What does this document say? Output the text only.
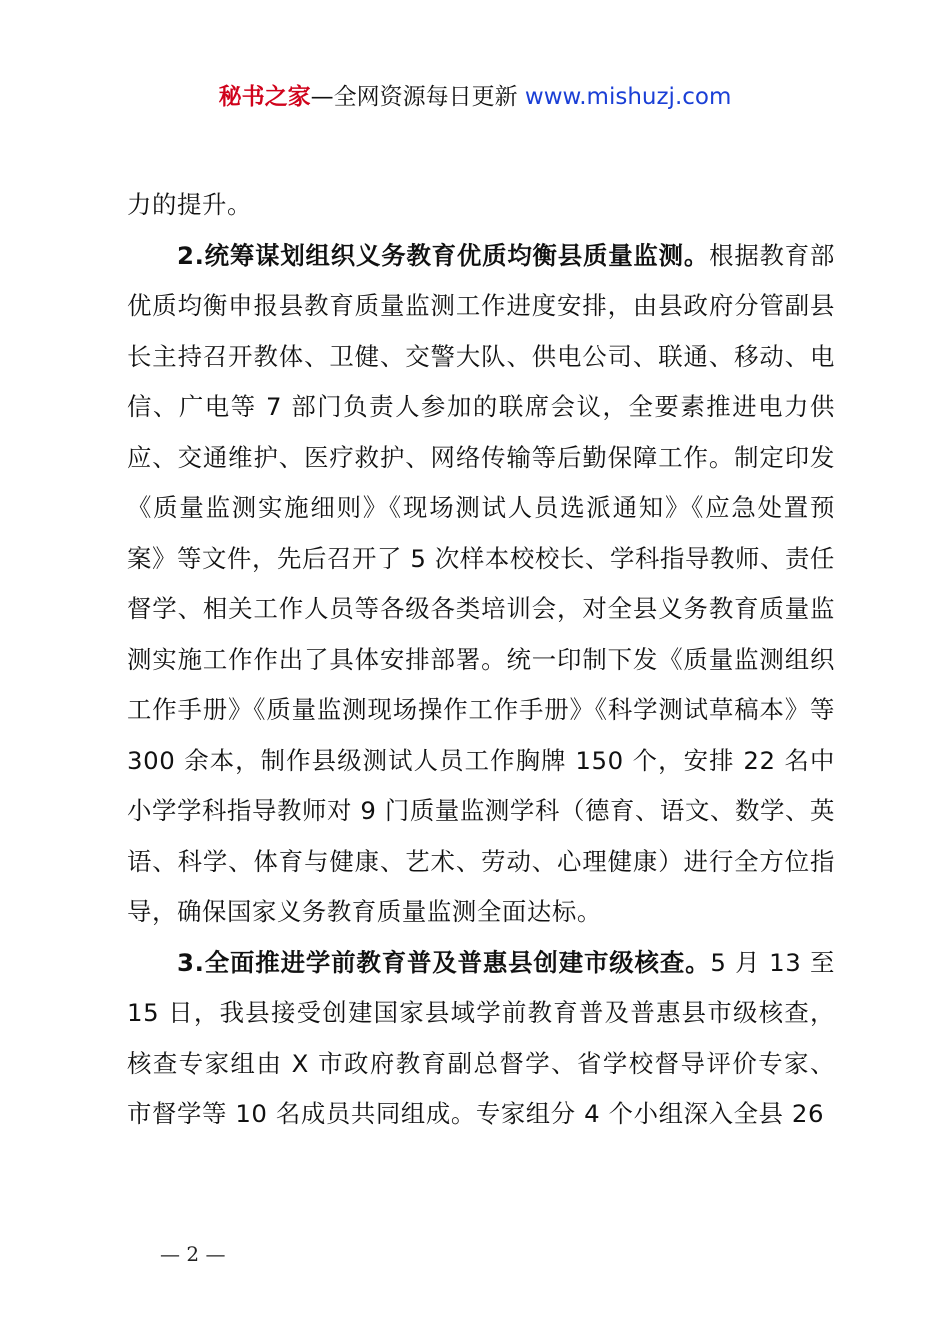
秘书之家—全网资源每日更新 www.mishuzj.com

力的提升。

2.统筹谋划组织义务教育优质均衡县质量监测。根据教育部优质均衡申报县教育质量监测工作进度安排，由县政府分管副县长主持召开教体、卫健、交警大队、供电公司、联通、移动、电信、广电等 7 部门负责人参加的联席会议，全要素推进电力供应、交通维护、医疗救护、网络传输等后勤保障工作。制定印发《质量监测实施细则》《现场测试人员选派通知》《应急处置预案》等文件，先后召开了 5 次样本校校长、学科指导教师、责任督学、相关工作人员等各级各类培训会，对全县义务教育质量监测实施工作作出了具体安排部署。统一印制下发《质量监测组织工作手册》《质量监测现场操作工作手册》《科学测试草稿本》等 300 余本，制作县级测试人员工作胸牌 150 个，安排 22 名中小学学科指导教师对 9 门质量监测学科（德育、语文、数学、英语、科学、体育与健康、艺术、劳动、心理健康）进行全方位指导，确保国家义务教育质量监测全面达标。

3.全面推进学前教育普及普惠县创建市级核查。5 月 13 至 15 日，我县接受创建国家县域学前教育普及普惠县市级核查，核查专家组由 X 市政府教育副总督学、省学校督导评价专家、市督学等 10 名成员共同组成。专家组分 4 个小组深入全县 26

— 2 —
